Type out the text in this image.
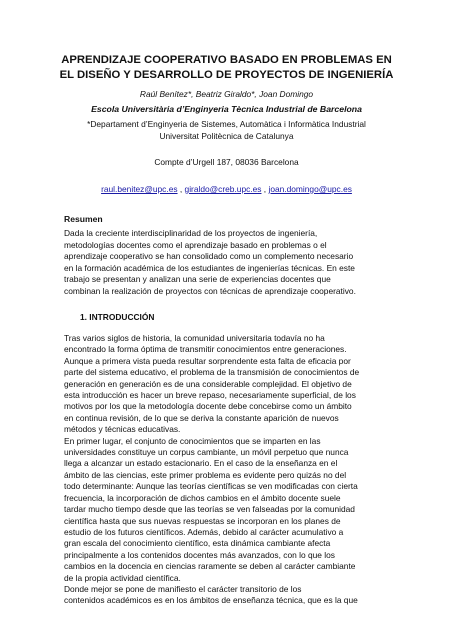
APRENDIZAJE COOPERATIVO BASADO EN PROBLEMAS EN
EL DISEÑO Y DESARROLLO DE PROYECTOS DE INGENIERÍA
Raúl Benítez*, Beatriz Giraldo*, Joan Domingo
Escola Universitària d’Enginyeria Tècnica Industrial de Barcelona
*Departament d’Enginyeria de Sistemes, Automàtica i Informàtica Industrial
Universitat Politècnica de Catalunya
Compte d’Urgell 187, 08036 Barcelona
raul.benitez@upc.es , giraldo@creb.upc.es , joan.domingo@upc.es
Resumen
Dada la creciente interdisciplinaridad de los proyectos de ingeniería,
metodologías docentes como el aprendizaje basado en problemas o el
aprendizaje cooperativo se han consolidado como un complemento necesario
en la formación académica de los estudiantes de ingenierías técnicas. En este
trabajo se presentan y analizan una serie de experiencias docentes que
combinan la realización de proyectos con técnicas de aprendizaje cooperativo.
1. INTRODUCCIÓN
Tras varios siglos de historia, la comunidad universitaria todavía no ha
encontrado la forma óptima de transmitir conocimientos entre generaciones.
Aunque a primera vista pueda resultar sorprendente esta falta de eficacia por
parte del sistema educativo, el problema de la transmisión de conocimientos de
generación en generación es de una considerable complejidad. El objetivo de
esta introducción es hacer un breve repaso, necesariamente superficial, de los
motivos por los que la metodología docente debe concebirse como un ámbito
en continua revisión, de lo que se deriva la constante aparición de nuevos
métodos y técnicas educativas.
En primer lugar, el conjunto de conocimientos que se imparten en las
universidades constituye un corpus cambiante, un móvil perpetuo que nunca
llega a alcanzar un estado estacionario. En el caso de la enseñanza en el
ámbito de las ciencias, este primer problema es evidente pero quizás no del
todo determinante: Aunque las teorías científicas se ven modificadas con cierta
frecuencia, la incorporación de dichos cambios en el ámbito docente suele
tardar mucho tiempo desde que las teorías se ven falseadas por la comunidad
científica hasta que sus nuevas respuestas se incorporan en los planes de
estudio de los futuros científicos. Además, debido al carácter acumulativo a
gran escala del conocimiento científico, esta dinámica cambiante afecta
principalmente a los contenidos docentes más avanzados, con lo que los
cambios en la docencia en ciencias raramente se deben al carácter cambiante
de la propia actividad científica.
Donde mejor se pone de manifiesto el carácter transitorio de los
contenidos académicos es en los ámbitos de enseñanza técnica, que es la que
